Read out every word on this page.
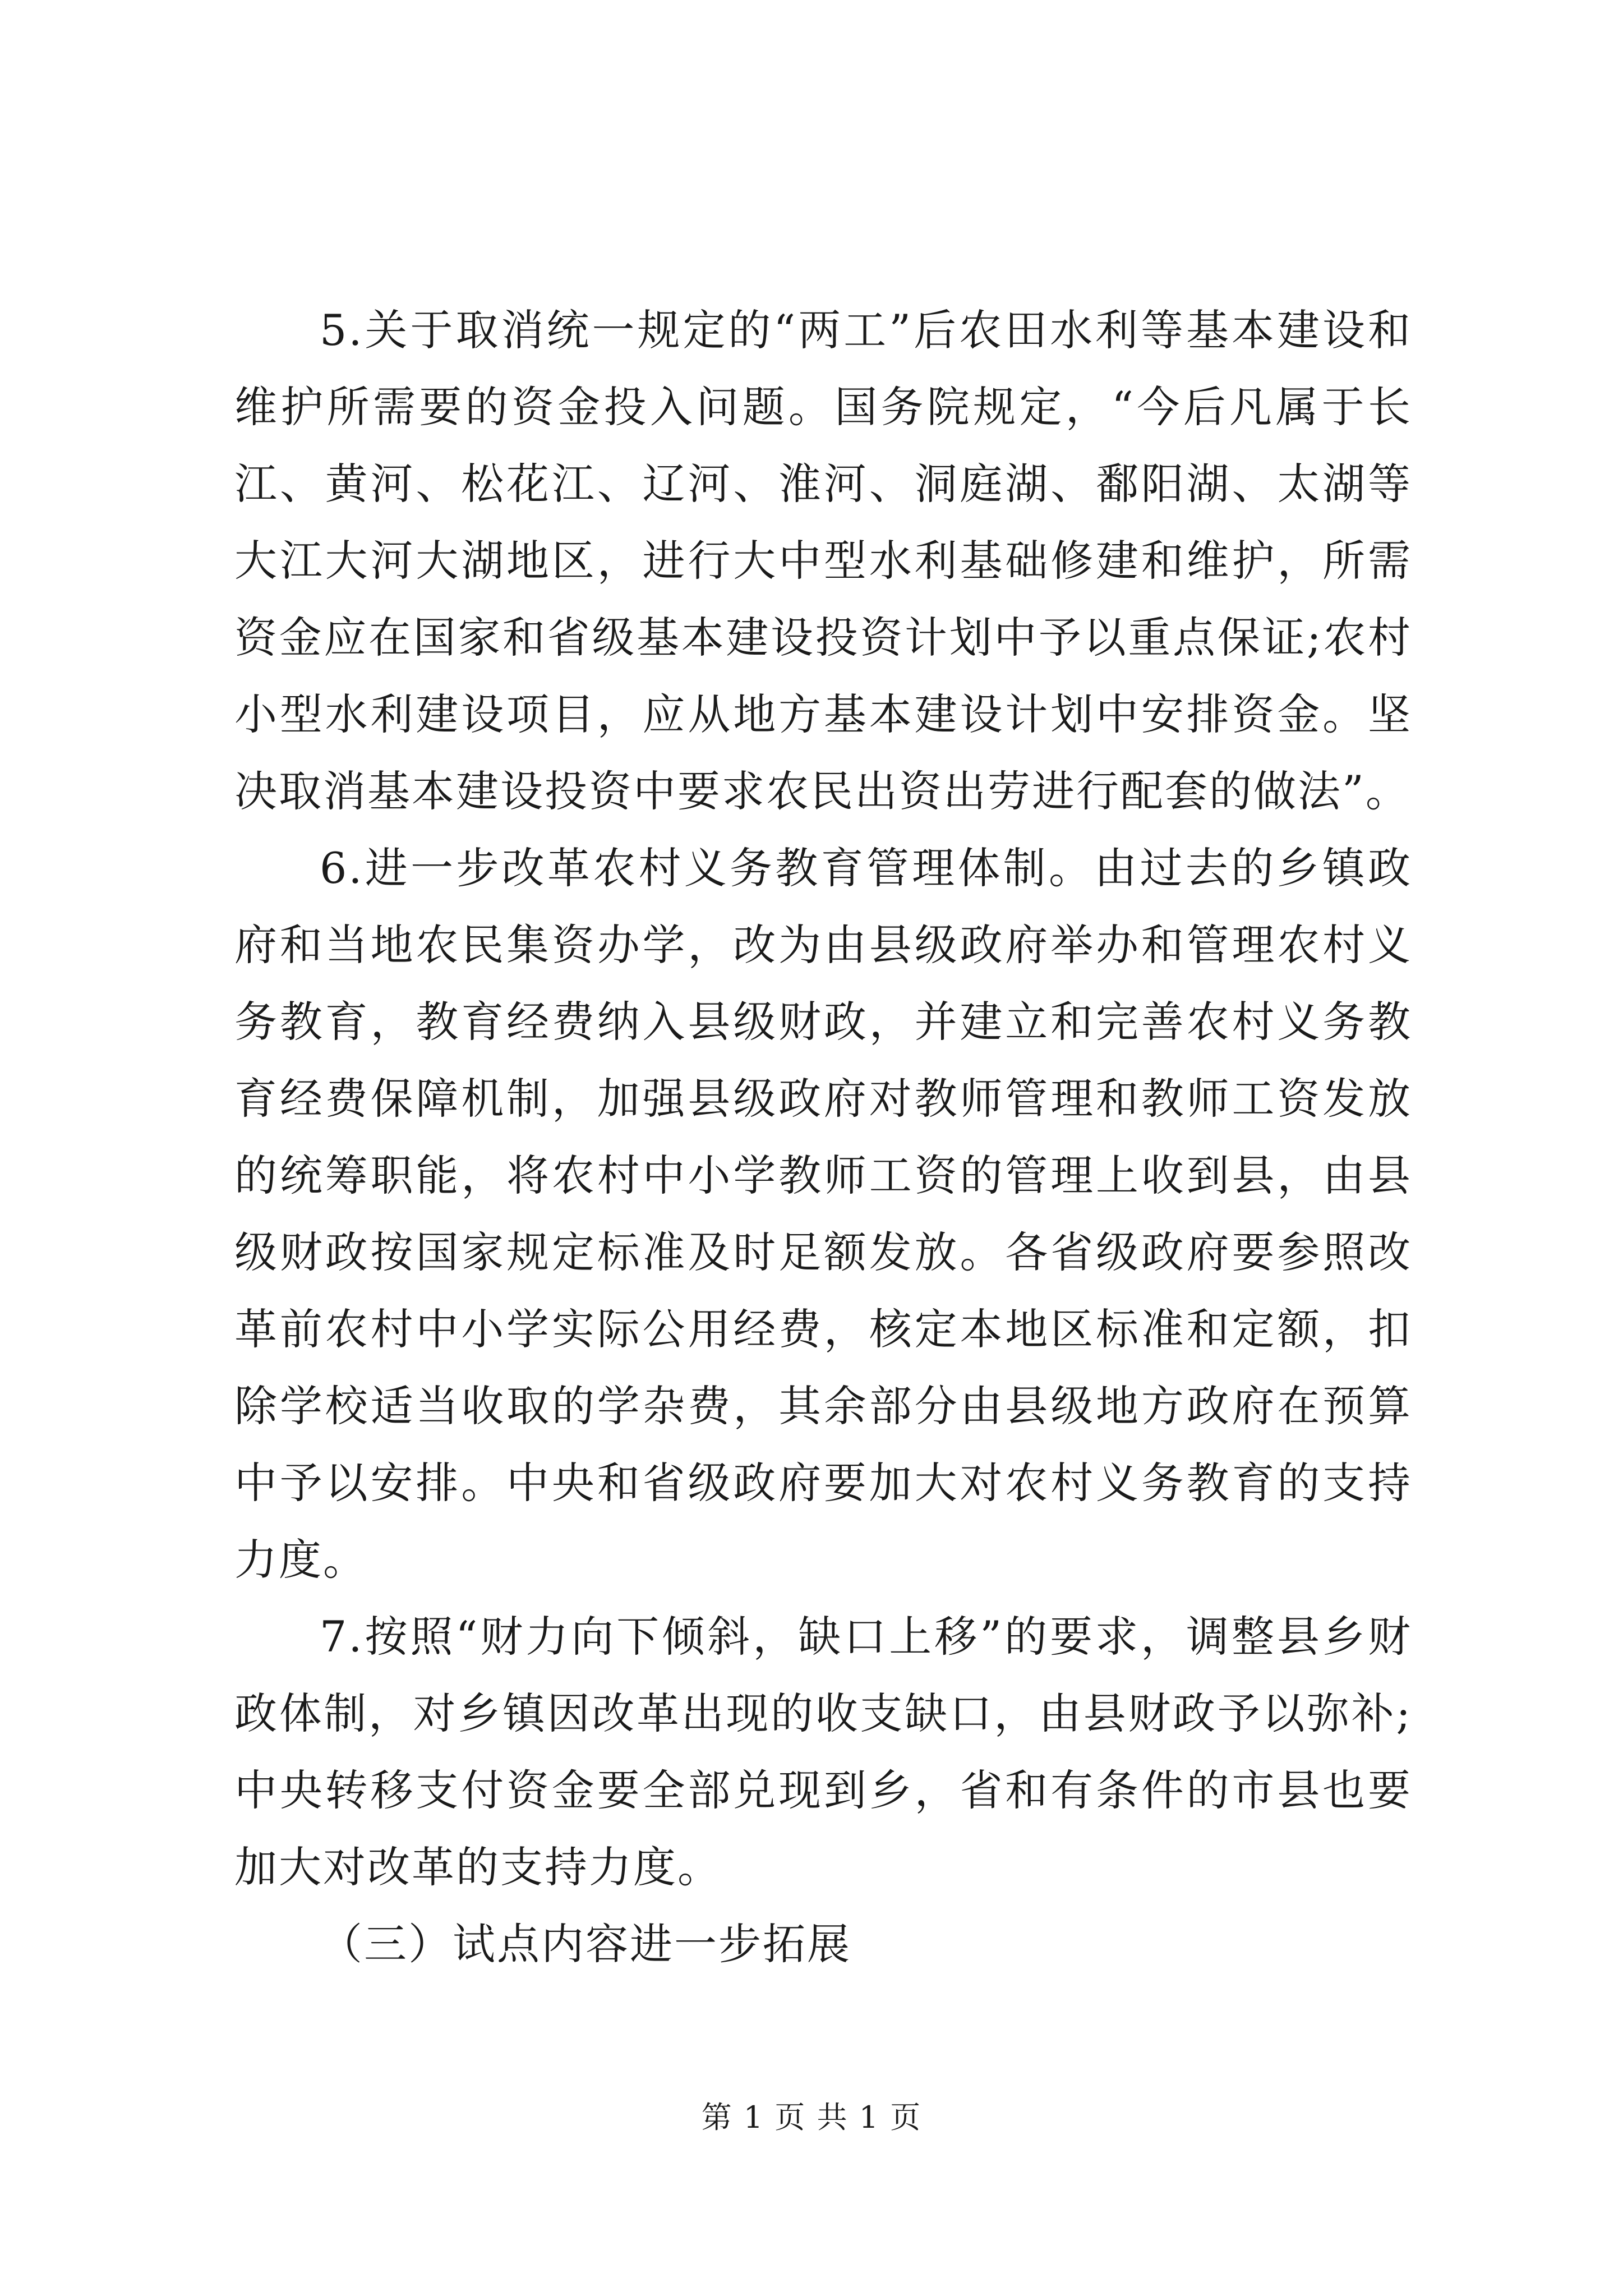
5.关于取消统一规定的“两工”后农田水利等基本建设和维护所需要的资金投入问题。国务院规定，“今后凡属于长江、黄河、松花江、辽河、淮河、洞庭湖、鄱阳湖、太湖等大江大河大湖地区，进行大中型水利基础修建和维护，所需资金应在国家和省级基本建设投资计划中予以重点保证;农村小型水利建设项目，应从地方基本建设计划中安排资金。坚决取消基本建设投资中要求农民出资出劳进行配套的做法”。

6.进一步改革农村义务教育管理体制。由过去的乡镇政府和当地农民集资办学，改为由县级政府举办和管理农村义务教育，教育经费纳入县级财政，并建立和完善农村义务教育经费保障机制，加强县级政府对教师管理和教师工资发放的统筹职能，将农村中小学教师工资的管理上收到县，由县级财政按国家规定标准及时足额发放。各省级政府要参照改革前农村中小学实际公用经费，核定本地区标准和定额，扣除学校适当收取的学杂费，其余部分由县级地方政府在预算中予以安排。中央和省级政府要加大对农村义务教育的支持力度。

7.按照“财力向下倾斜，缺口上移”的要求，调整县乡财政体制，对乡镇因改革出现的收支缺口，由县财政予以弥补;中央转移支付资金要全部兑现到乡，省和有条件的市县也要加大对改革的支持力度。

（三）试点内容进一步拓展

第 1 页 共 1 页
